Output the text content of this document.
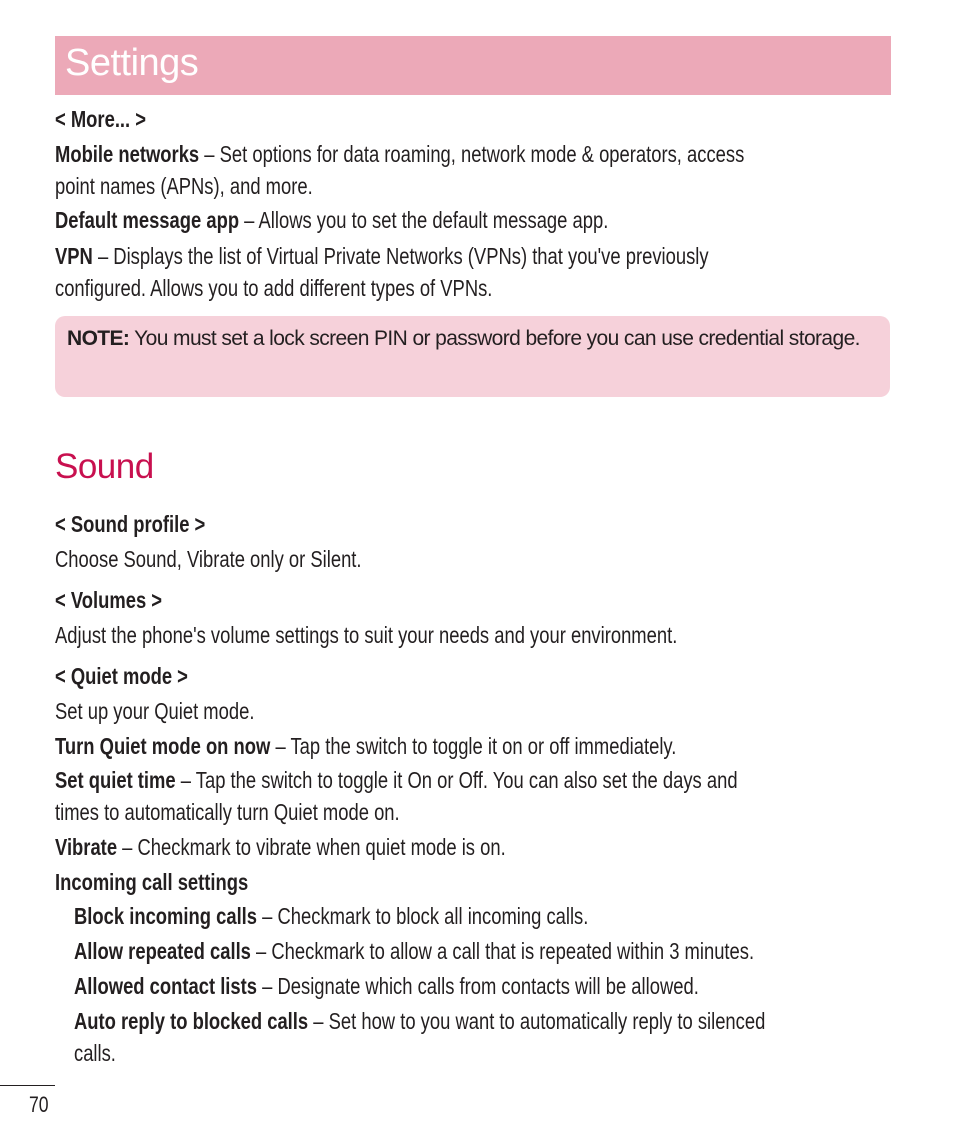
Settings
< More... >
Mobile networks – Set options for data roaming, network mode & operators, access
point names (APNs), and more.
Default message app – Allows you to set the default message app.
VPN – Displays the list of Virtual Private Networks (VPNs) that you've previously
configured. Allows you to add different types of VPNs.
NOTE: You must set a lock screen PIN or password before you can use credential storage.
Sound
< Sound profile >
Choose Sound, Vibrate only or Silent.
< Volumes >
Adjust the phone's volume settings to suit your needs and your environment.
< Quiet mode >
Set up your Quiet mode.
Turn Quiet mode on now – Tap the switch to toggle it on or off immediately.
Set quiet time – Tap the switch to toggle it On or Off. You can also set the days and
times to automatically turn Quiet mode on.
Vibrate – Checkmark to vibrate when quiet mode is on.
Incoming call settings
Block incoming calls – Checkmark to block all incoming calls.
Allow repeated calls – Checkmark to allow a call that is repeated within 3 minutes.
Allowed contact lists – Designate which calls from contacts will be allowed.
Auto reply to blocked calls – Set how to you want to automatically reply to silenced
calls.
70
